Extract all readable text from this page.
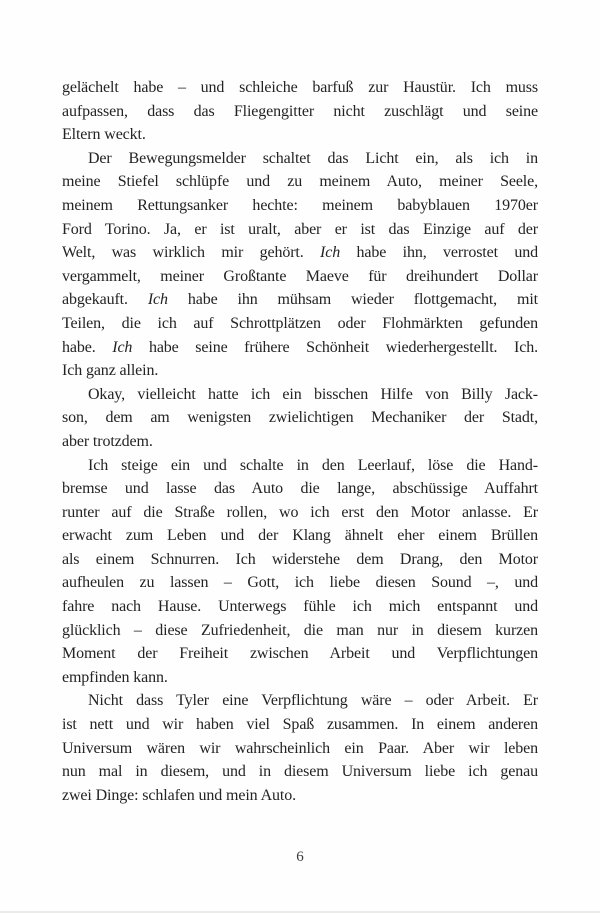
gelächelt habe – und schleiche barfuß zur Haustür. Ich muss
aufpassen, dass das Fliegengitter nicht zuschlägt und seine
Eltern weckt.
Der Bewegungsmelder schaltet das Licht ein, als ich in
meine Stiefel schlüpfe und zu meinem Auto, meiner Seele,
meinem Rettungsanker hechte: meinem babyblauen 1970er
Ford Torino. Ja, er ist uralt, aber er ist das Einzige auf der
Welt, was wirklich mir gehört. Ich habe ihn, verrostet und
vergammelt, meiner Großtante Maeve für dreihundert Dollar
abgekauft. Ich habe ihn mühsam wieder flottgemacht, mit
Teilen, die ich auf Schrottplätzen oder Flohmärkten gefunden
habe. Ich habe seine frühere Schönheit wiederhergestellt. Ich.
Ich ganz allein.
Okay, vielleicht hatte ich ein bisschen Hilfe von Billy Jack-
son, dem am wenigsten zwielichtigen Mechaniker der Stadt,
aber trotzdem.
Ich steige ein und schalte in den Leerlauf, löse die Hand-
bremse und lasse das Auto die lange, abschüssige Auffahrt
runter auf die Straße rollen, wo ich erst den Motor anlasse. Er
erwacht zum Leben und der Klang ähnelt eher einem Brüllen
als einem Schnurren. Ich widerstehe dem Drang, den Motor
aufheulen zu lassen – Gott, ich liebe diesen Sound –, und
fahre nach Hause. Unterwegs fühle ich mich entspannt und
glücklich – diese Zufriedenheit, die man nur in diesem kurzen
Moment der Freiheit zwischen Arbeit und Verpflichtungen
empfinden kann.
Nicht dass Tyler eine Verpflichtung wäre – oder Arbeit. Er
ist nett und wir haben viel Spaß zusammen. In einem anderen
Universum wären wir wahrscheinlich ein Paar. Aber wir leben
nun mal in diesem, und in diesem Universum liebe ich genau
zwei Dinge: schlafen und mein Auto.
6
